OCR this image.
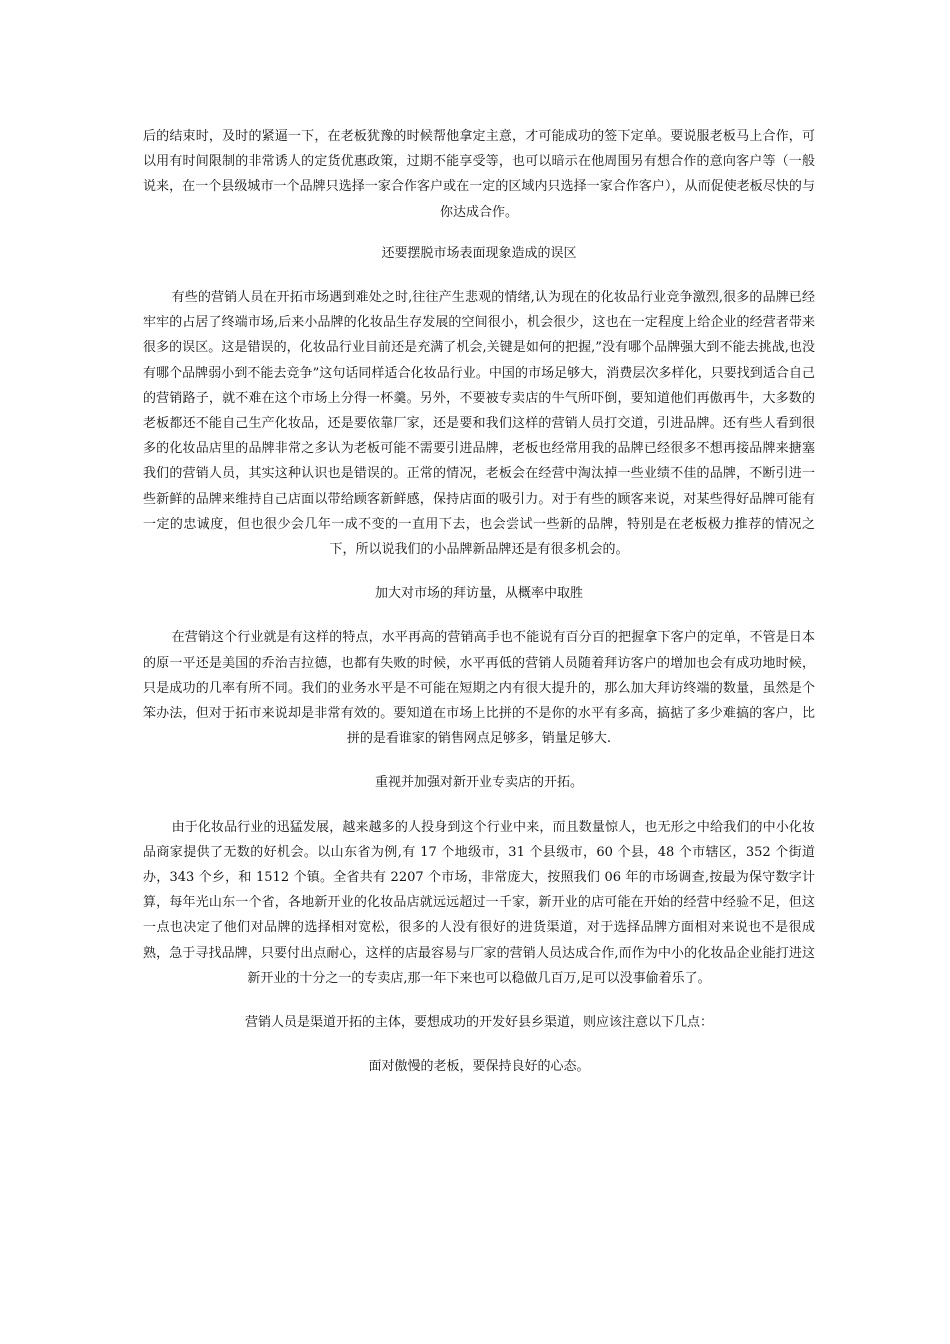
后的结束时，及时的紧逼一下，在老板犹豫的时候帮他拿定主意，才可能成功的签下定单。要说服老板马上合作，可以用有时间限制的非常诱人的定货优惠政策，过期不能享受等，也可以暗示在他周围另有想合作的意向客户等（一般说来，在一个县级城市一个品牌只选择一家合作客户或在一定的区域内只选择一家合作客户），从而促使老板尽快的与你达成合作。

还要摆脱市场表面现象造成的误区

有些的营销人员在开拓市场遇到难处之时,往往产生悲观的情绪,认为现在的化妆品行业竞争激烈,很多的品牌已经牢牢的占居了终端市场,后来小品牌的化妆品生存发展的空间很小，机会很少，这也在一定程度上给企业的经营者带来很多的误区。这是错误的，化妆品行业目前还是充满了机会,关键是如何的把握,”没有哪个品牌强大到不能去挑战,也没有哪个品牌弱小到不能去竞争”这句话同样适合化妆品行业。中国的市场足够大，消费层次多样化，只要找到适合自己的营销路子，就不难在这个市场上分得一杯羹。另外，不要被专卖店的牛气所吓倒，要知道他们再傲再牛，大多数的老板都还不能自己生产化妆品，还是要依靠厂家，还是要和我们这样的营销人员打交道，引进品牌。还有些人看到很多的化妆品店里的品牌非常之多认为老板可能不需要引进品牌，老板也经常用我的品牌已经很多不想再接品牌来搪塞我们的营销人员，其实这种认识也是错误的。正常的情况，老板会在经营中淘汰掉一些业绩不佳的品牌，不断引进一些新鲜的品牌来维持自己店面以带给顾客新鲜感，保持店面的吸引力。对于有些的顾客来说，对某些得好品牌可能有一定的忠诚度，但也很少会几年一成不变的一直用下去，也会尝试一些新的品牌，特别是在老板极力推荐的情况之下，所以说我们的小品牌新品牌还是有很多机会的。

加大对市场的拜访量，从概率中取胜

在营销这个行业就是有这样的特点，水平再高的营销高手也不能说有百分百的把握拿下客户的定单，不管是日本的原一平还是美国的乔治吉拉德，也都有失败的时候，水平再低的营销人员随着拜访客户的增加也会有成功地时候，只是成功的几率有所不同。我们的业务水平是不可能在短期之内有很大提升的，那么加大拜访终端的数量，虽然是个笨办法，但对于拓市来说却是非常有效的。要知道在市场上比拼的不是你的水平有多高，搞掂了多少难搞的客户，比拼的是看谁家的销售网点足够多，销量足够大.

重视并加强对新开业专卖店的开拓。

由于化妆品行业的迅猛发展，越来越多的人投身到这个行业中来，而且数量惊人，也无形之中给我们的中小化妆品商家提供了无数的好机会。以山东省为例,有 17 个地级市，31 个县级市，60 个县，48 个市辖区，352 个街道办，343 个乡，和 1512 个镇。全省共有 2207 个市场，非常庞大，按照我们 06 年的市场调查,按最为保守数字计算，每年光山东一个省，各地新开业的化妆品店就远远超过一千家，新开业的店可能在开始的经营中经验不足，但这一点也决定了他们对品牌的选择相对宽松，很多的人没有很好的进货渠道，对于选择品牌方面相对来说也不是很成熟，急于寻找品牌，只要付出点耐心，这样的店最容易与厂家的营销人员达成合作,而作为中小的化妆品企业能打进这新开业的十分之一的专卖店,那一年下来也可以稳做几百万,足可以没事偷着乐了。

营销人员是渠道开拓的主体，要想成功的开发好县乡渠道，则应该注意以下几点：

面对傲慢的老板，要保持良好的心态。
